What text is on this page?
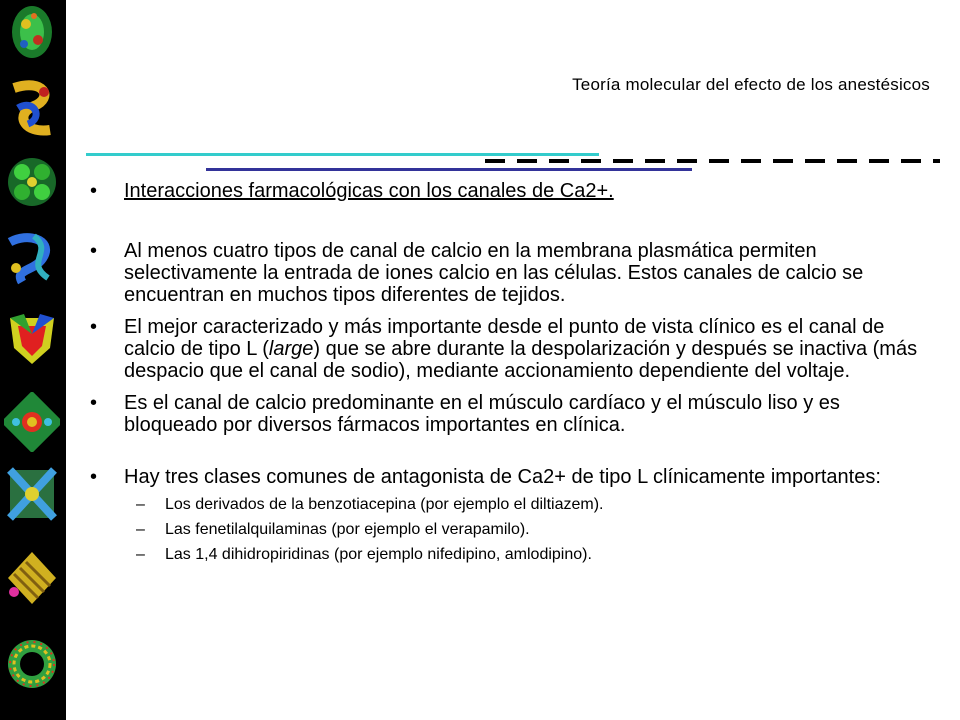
Teoría molecular del efecto de los anestésicos
• Interacciones farmacológicas con los canales de Ca2+.
• Al menos cuatro tipos de canal de calcio en la membrana plasmática permiten selectivamente la entrada de iones calcio en las células. Estos canales de calcio se encuentran en muchos tipos diferentes de tejidos.
• El mejor caracterizado y más importante desde el punto de vista clínico es el canal de calcio de tipo L (large) que se abre durante la despolarización y después se inactiva (más despacio que el canal de sodio), mediante accionamiento dependiente del voltaje.
• Es el canal de calcio predominante en el músculo cardíaco y el músculo liso y es bloqueado por diversos fármacos importantes en clínica.
• Hay tres clases comunes de antagonista de Ca2+ de tipo L clínicamente importantes:
– Los derivados de la benzotiacepina (por ejemplo el diltiazem).
– Las fenetilalquilaminas (por ejemplo el verapamilo).
– Las 1,4 dihidropiridinas (por ejemplo nifedipino, amlodipino).
